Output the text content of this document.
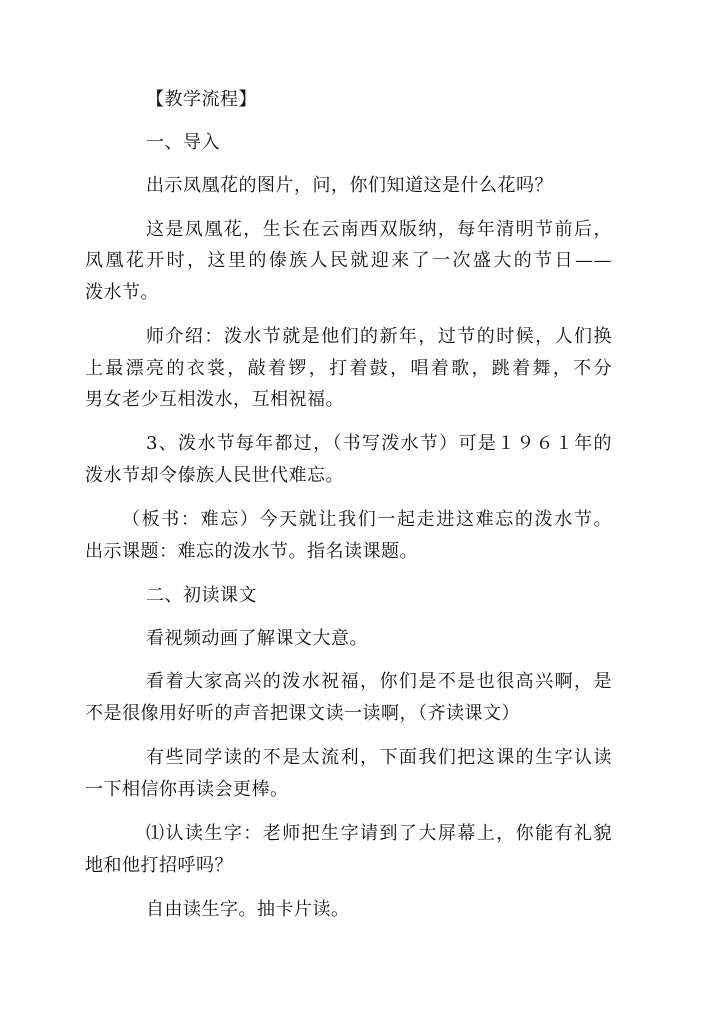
【教学流程】
一、导入
出示凤凰花的图片，问，你们知道这是什么花吗？
这是凤凰花，生长在云南西双版纳，每年清明节前后，
凤凰花开时，这里的傣族人民就迎来了一次盛大的节日——
泼水节。
师介绍：泼水节就是他们的新年，过节的时候，人们换
上最漂亮的衣裳，敲着锣，打着鼓，唱着歌，跳着舞，不分
男女老少互相泼水，互相祝福。
3、泼水节每年都过，（书写泼水节）可是１９６１年的
泼水节却令傣族人民世代难忘。
（板书：难忘）今天就让我们一起走进这难忘的泼水节。
出示课题：难忘的泼水节。指名读课题。
二、初读课文
看视频动画了解课文大意。
看着大家高兴的泼水祝福，你们是不是也很高兴啊，是
不是很像用好听的声音把课文读一读啊，（齐读课文）
有些同学读的不是太流利，下面我们把这课的生字认读
一下相信你再读会更棒。
⑴认读生字：老师把生字请到了大屏幕上，你能有礼貌
地和他打招呼吗？
自由读生字。抽卡片读。
